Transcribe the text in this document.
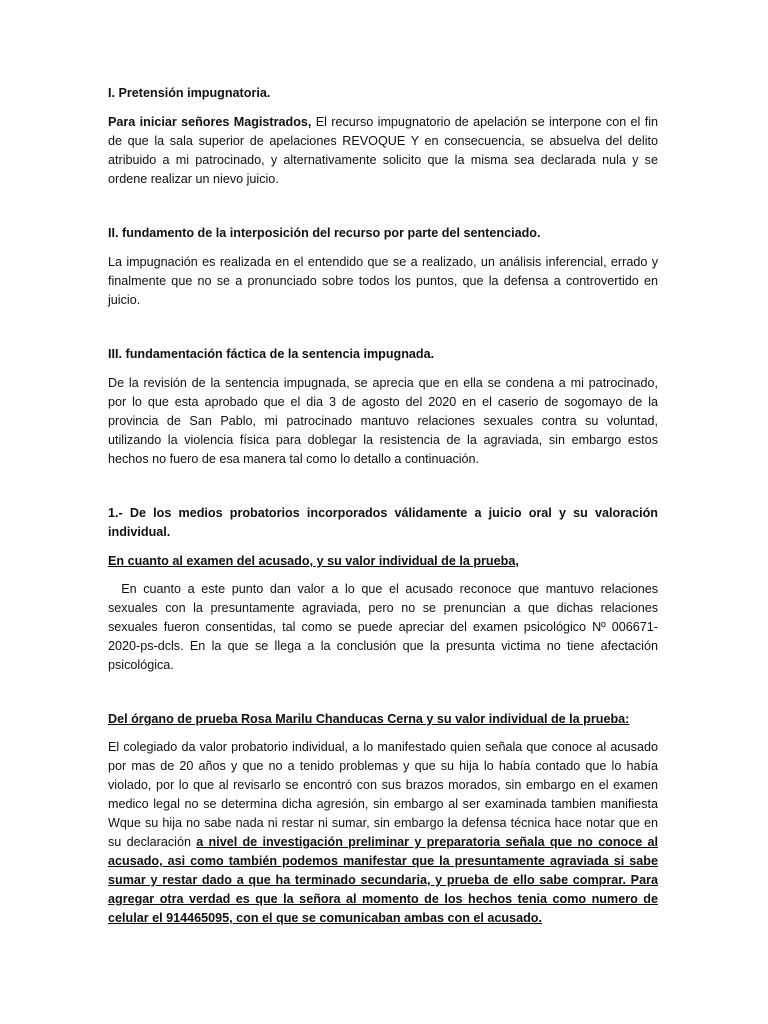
I. Pretensión impugnatoria.

Para iniciar señores Magistrados, El recurso impugnatorio de apelación se interpone con el fin de que la sala superior de apelaciones REVOQUE Y en consecuencia, se absuelva del delito atribuido a mi patrocinado, y alternativamente solicito que la misma sea declarada nula y se ordene realizar un nievo juicio.

II. fundamento de la interposición del recurso por parte del sentenciado.

La impugnación es realizada en el entendido que se a realizado, un análisis inferencial, errado y finalmente que no se a pronunciado sobre todos los puntos, que la defensa a controvertido en juicio.

III. fundamentación fáctica de la sentencia impugnada.

De la revisión de la sentencia impugnada, se aprecia que en ella se condena a mi patrocinado, por lo que esta aprobado que el dia 3 de agosto del 2020 en el caserio de sogomayo de la provincia de San Pablo, mi patrocinado mantuvo relaciones sexuales contra su voluntad, utilizando la violencia física para doblegar la resistencia de la agraviada, sin embargo estos hechos no fuero de esa manera tal como lo detallo a continuación.

1.- De los medios probatorios incorporados válidamente a juicio oral y su valoración individual.

En cuanto al examen del acusado, y su valor individual de la prueba,

En cuanto a este punto dan valor a lo que el acusado reconoce que mantuvo relaciones sexuales con la presuntamente agraviada, pero no se prenuncian a que dichas relaciones sexuales fueron consentidas, tal como se puede apreciar del examen psicológico Nº 006671-2020-ps-dcls. En la que se llega a la conclusión que la presunta victima no tiene afectación psicológica.

Del órgano de prueba Rosa Marilu Chanducas Cerna y su valor individual de la prueba:

El colegiado da valor probatorio individual, a lo manifestado quien señala que conoce al acusado por mas de 20 años y que no a tenido problemas y que su hija lo había contado que lo había violado, por lo que al revisarlo se encontró con sus brazos morados, sin embargo en el examen medico legal no se determina dicha agresión, sin embargo al ser examinada tambien manifiesta Wque su hija no sabe nada ni restar ni sumar, sin embargo la defensa técnica hace notar que en su declaración a nivel de investigación preliminar y preparatoria señala que no conoce al acusado, asi como también podemos manifestar que la presuntamente agraviada si sabe sumar y restar dado a que ha terminado secundaria, y prueba de ello sabe comprar. Para agregar otra verdad es que la señora al momento de los hechos tenia como numero de celular el 914465095, con el que se comunicaban ambas con el acusado.
